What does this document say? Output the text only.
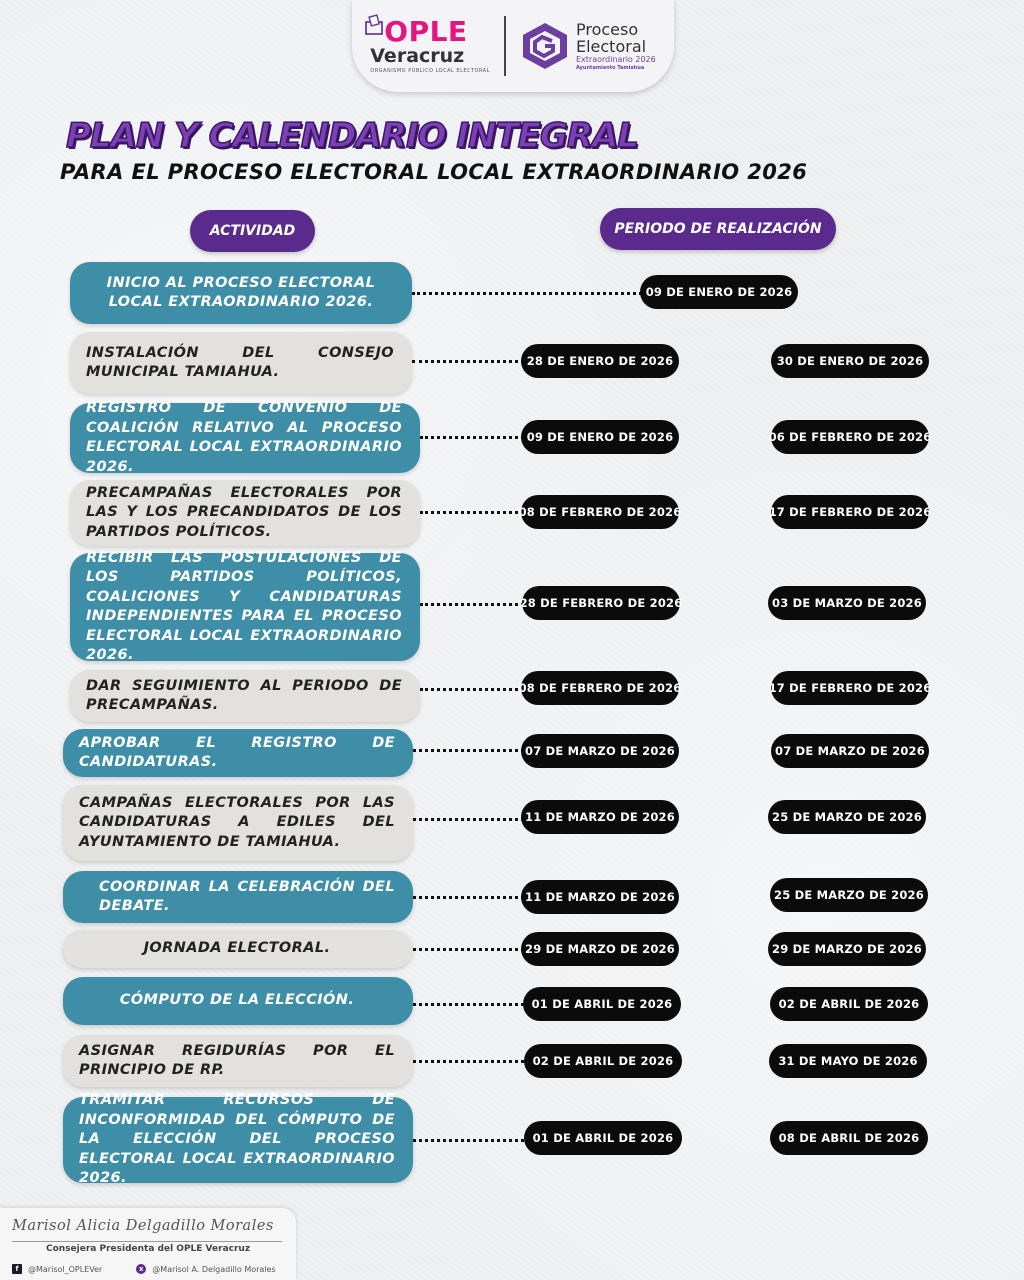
OPLE
Veracruz
ORGANISMO PÚBLICO LOCAL ELECTORAL
Proceso
Electoral
Extraordinario 2026
Ayuntamiento Tamiahua
PLAN Y CALENDARIO INTEGRAL
PARA EL PROCESO ELECTORAL LOCAL EXTRAORDINARIO 2026
ACTIVIDAD	PERIODO DE REALIZACIÓN
INICIO AL PROCESO ELECTORAL LOCAL EXTRAORDINARIO 2026.
09 DE ENERO DE 2026
INSTALACIÓN DEL CONSEJO MUNICIPAL TAMIAHUA.
28 DE ENERO DE 2026	30 DE ENERO DE 2026
REGISTRO DE CONVENIO DE COALICIÓN RELATIVO AL PROCESO ELECTORAL LOCAL EXTRAORDINARIO 2026.
09 DE ENERO DE 2026	06 DE FEBRERO DE 2026
PRECAMPAÑAS ELECTORALES POR LAS Y LOS PRECANDIDATOS DE LOS PARTIDOS POLÍTICOS.
08 DE FEBRERO DE 2026	17 DE FEBRERO DE 2026
RECIBIR LAS POSTULACIONES DE LOS PARTIDOS POLÍTICOS, COALICIONES Y CANDIDATURAS INDEPENDIENTES PARA EL PROCESO ELECTORAL LOCAL EXTRAORDINARIO 2026.
28 DE FEBRERO DE 2026	03 DE MARZO DE 2026
DAR SEGUIMIENTO AL PERIODO DE PRECAMPAÑAS.
08 DE FEBRERO DE 2026	17 DE FEBRERO DE 2026
APROBAR EL REGISTRO DE CANDIDATURAS.
07 DE MARZO DE 2026	07 DE MARZO DE 2026
CAMPAÑAS ELECTORALES POR LAS CANDIDATURAS A EDILES DEL AYUNTAMIENTO DE TAMIAHUA.
11 DE MARZO DE 2026	25 DE MARZO DE 2026
COORDINAR LA CELEBRACIÓN DEL DEBATE.
11 DE MARZO DE 2026	25 DE MARZO DE 2026
JORNADA ELECTORAL.	29 DE MARZO DE 2026	29 DE MARZO DE 2026
CÓMPUTO DE LA ELECCIÓN.	01 DE ABRIL DE 2026	02 DE ABRIL DE 2026
ASIGNAR REGIDURÍAS POR EL PRINCIPIO DE RP.
02 DE ABRIL DE 2026	31 DE MAYO DE 2026
TRAMITAR RECURSOS DE INCONFORMIDAD DEL CÓMPUTO DE LA ELECCIÓN DEL PROCESO ELECTORAL LOCAL EXTRAORDINARIO 2026.
01 DE ABRIL DE 2026	08 DE ABRIL DE 2026
Marisol Alicia Delgadillo Morales
Consejera Presidenta del OPLE Veracruz
f	@Marisol_OPLEVer	x	@Marisol A. Delgadillo Morales
